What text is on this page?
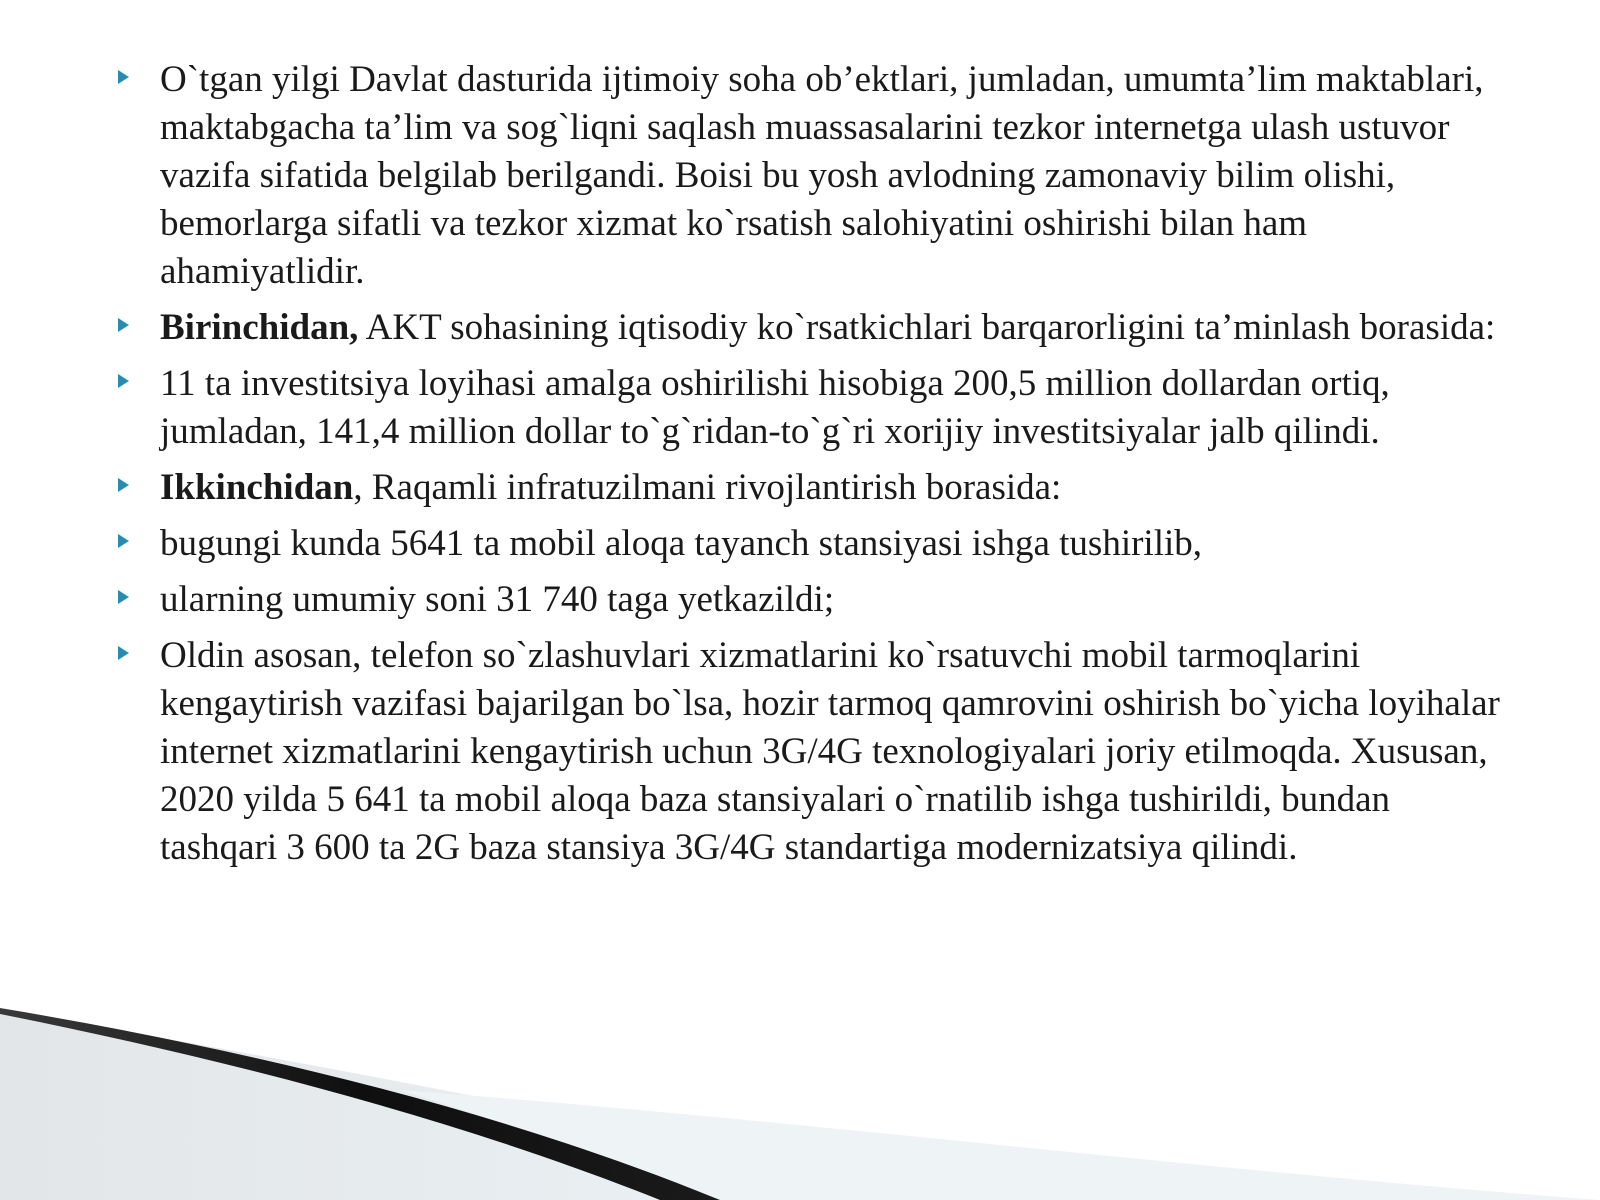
O`tgan yilgi Davlat dasturida ijtimoiy soha ob’ektlari, jumladan, umumta’lim maktablari, maktabgacha ta’lim va sog`liqni saqlash muassasalarini tezkor internetga ulash ustuvor vazifa sifatida belgilab berilgandi. Boisi bu yosh avlodning zamonaviy bilim olishi, bemorlarga sifatli va tezkor xizmat ko`rsatish salohiyatini oshirishi bilan ham ahamiyatlidir.
Birinchidan, AKT sohasining iqtisodiy ko`rsatkichlari barqarorligini ta’minlash borasida:
11 ta investitsiya loyihasi amalga oshirilishi hisobiga 200,5 million dollardan ortiq, jumladan, 141,4 million dollar to`g`ridan-to`g`ri xorijiy investitsiyalar jalb qilindi.
Ikkinchidan, Raqamli infratuzilmani rivojlantirish borasida:
bugungi kunda 5641 ta mobil aloqa tayanch stansiyasi ishga tushirilib,
ularning umumiy soni 31 740 taga yetkazildi;
Oldin asosan, telefon so`zlashuvlari xizmatlarini ko`rsatuvchi mobil tarmoqlarini kengaytirish vazifasi bajarilgan bo`lsa, hozir tarmoq qamrovini oshirish bo`yicha loyihalar internet xizmatlarini kengaytirish uchun 3G/4G texnologiyalari joriy etilmoqda. Xususan, 2020 yilda 5 641 ta mobil aloqa baza stansiyalari o`rnatilib ishga tushirildi, bundan tashqari 3 600 ta 2G baza stansiya 3G/4G standartiga modernizatsiya qilindi.
